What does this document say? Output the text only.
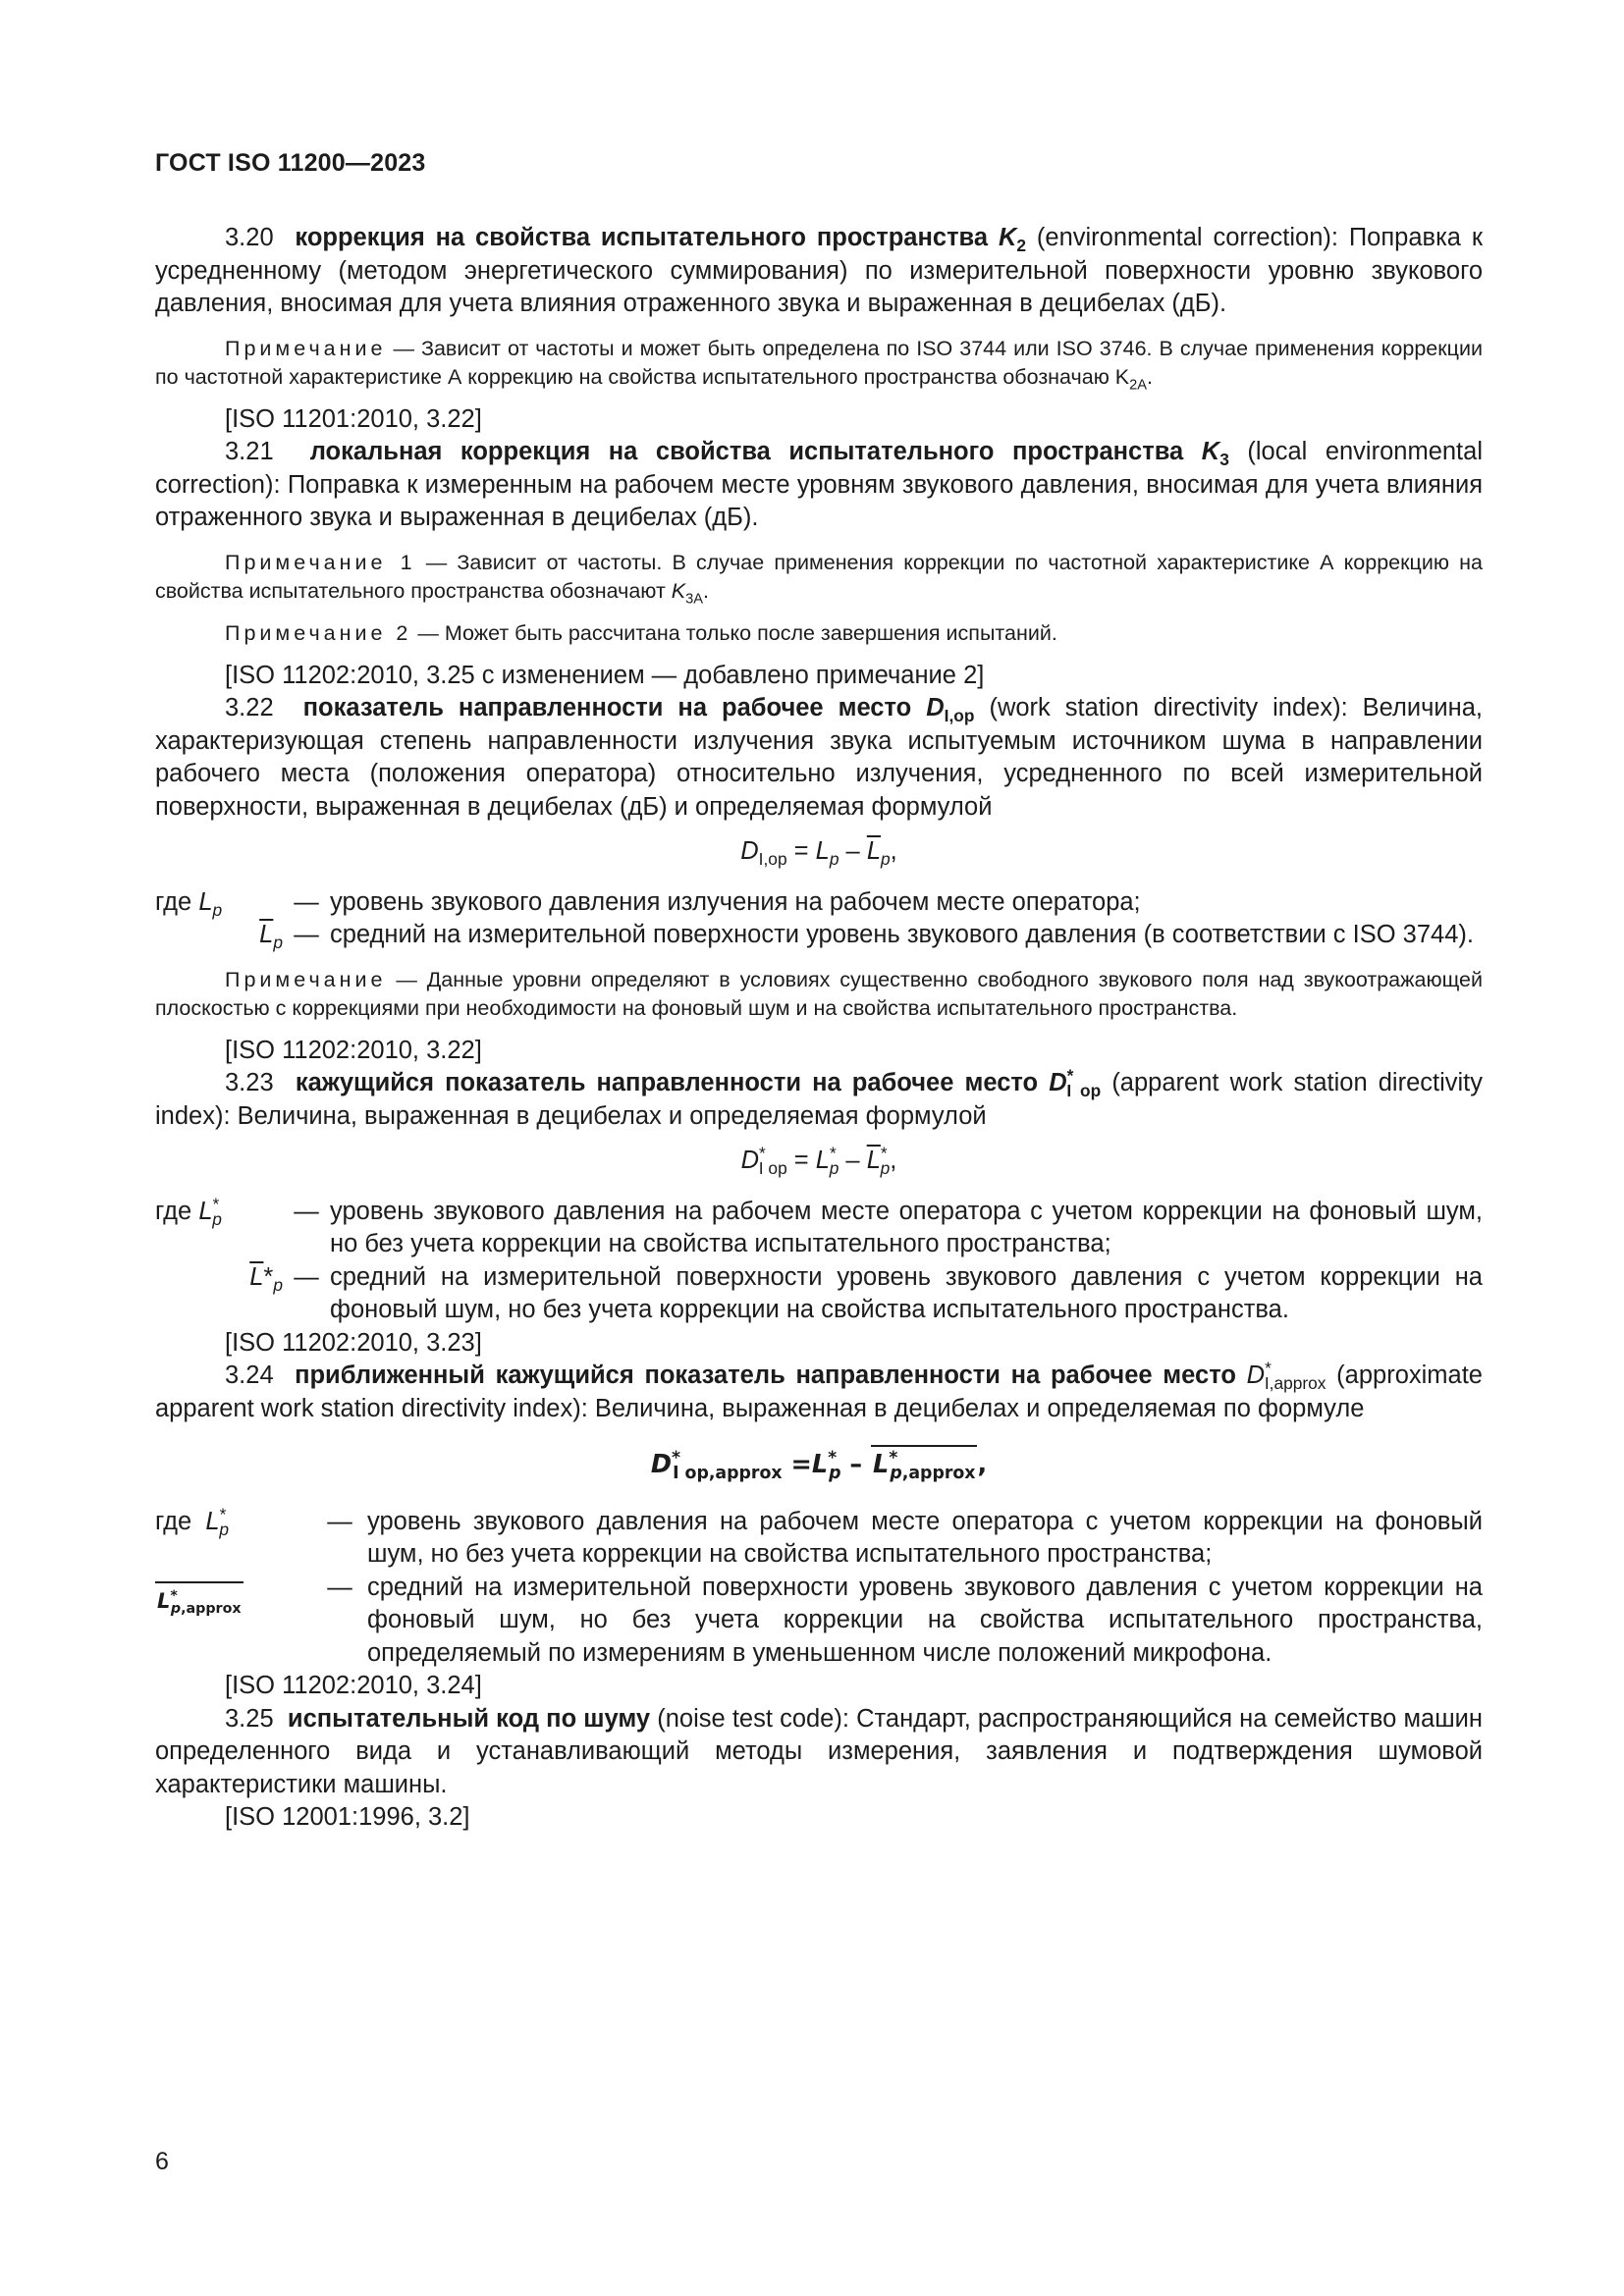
ГОСТ ISO 11200—2023

3.20 коррекция на свойства испытательного пространства $K_2$ (environmental correction): Поправка к усредненному (методом энергетического суммирования) по измерительной поверхности уровню звукового давления, вносимая для учета влияния отраженного звука и выраженная в децибелах (дБ).

Примечание — Зависит от частоты и может быть определена по ISO 3744 или ISO 3746. В случае применения коррекции по частотной характеристике А коррекцию на свойства испытательного пространства обозначаю $K_{2A}$.

[ISO 11201:2010, 3.22]

3.21 локальная коррекция на свойства испытательного пространства $K_3$ (local environmental correction): Поправка к измеренным на рабочем месте уровням звукового давления, вносимая для учета влияния отраженного звука и выраженная в децибелах (дБ).

Примечание 1 — Зависит от частоты. В случае применения коррекции по частотной характеристике А коррекцию на свойства испытательного пространства обозначают $K_{3A}$.

Примечание 2 — Может быть рассчитана только после завершения испытаний.

[ISO 11202:2010, 3.25 с изменением — добавлено примечание 2]

3.22 показатель направленности на рабочее место $D_{I,op}$ (work station directivity index): Величина, характеризующая степень направленности излучения звука испытуемым источником шума в направлении рабочего места (положения оператора) относительно излучения, усредненного по всей измерительной поверхности, выраженная в децибелах (дБ) и определяемая формулой

$D_{I,op} = L_p - \overline{L}_p$,
где $L_p$	— уровень звукового давления излучения на рабочем месте оператора;
$\overline{L}_p$ — средний на измерительной поверхности уровень звукового давления (в соответствии с ISO 3744).

Примечание — Данные уровни определяют в условиях существенно свободного звукового поля над звукоотражающей плоскостью с коррекциями при необходимости на фоновый шум и на свойства испытательного пространства.

[ISO 11202:2010, 3.22]

3.23 кажущийся показатель направленности на рабочее место $D^*_{I op}$ (apparent work station directivity index): Величина, выраженная в децибелах и определяемая формулой

$D^*_{I op} = L^*_p - \overline{L}^*_p$,
где $L^*_p$	— уровень звукового давления на рабочем месте оператора с учетом коррекции на фоновый шум, но без учета коррекции на свойства испытательного пространства;
$\overline{L}*_p$ — средний на измерительной поверхности уровень звукового давления с учетом коррекции на фоновый шум, но без учета коррекции на свойства испытательного пространства.

[ISO 11202:2010, 3.23]

3.24 приближенный кажущийся показатель направленности на рабочее место $D^*_{I,approx}$ (approximate apparent work station directivity index): Величина, выраженная в децибелах и определяемая по формуле

$D^*_{I op,approx} =L^*_p - L^*_{p,approx}$,
где $L^*_p$	— уровень звукового давления на рабочем месте оператора с учетом коррекции на фоновый шум, но без учета коррекции на свойства испытательного пространства;
$L^*_{p,approx}$
— средний на измерительной поверхности уровень звукового давления с учетом коррекции на фоновый шум, но без учета коррекции на свойства испытательного пространства, определяемый по измерениям в уменьшенном числе положений микрофона.

[ISO 11202:2010, 3.24]

3.25 испытательный код по шуму (noise test code): Стандарт, распространяющийся на семейство машин определенного вида и устанавливающий методы измерения, заявления и подтверждения шумовой характеристики машины.

[ISO 12001:1996, 3.2]

6
